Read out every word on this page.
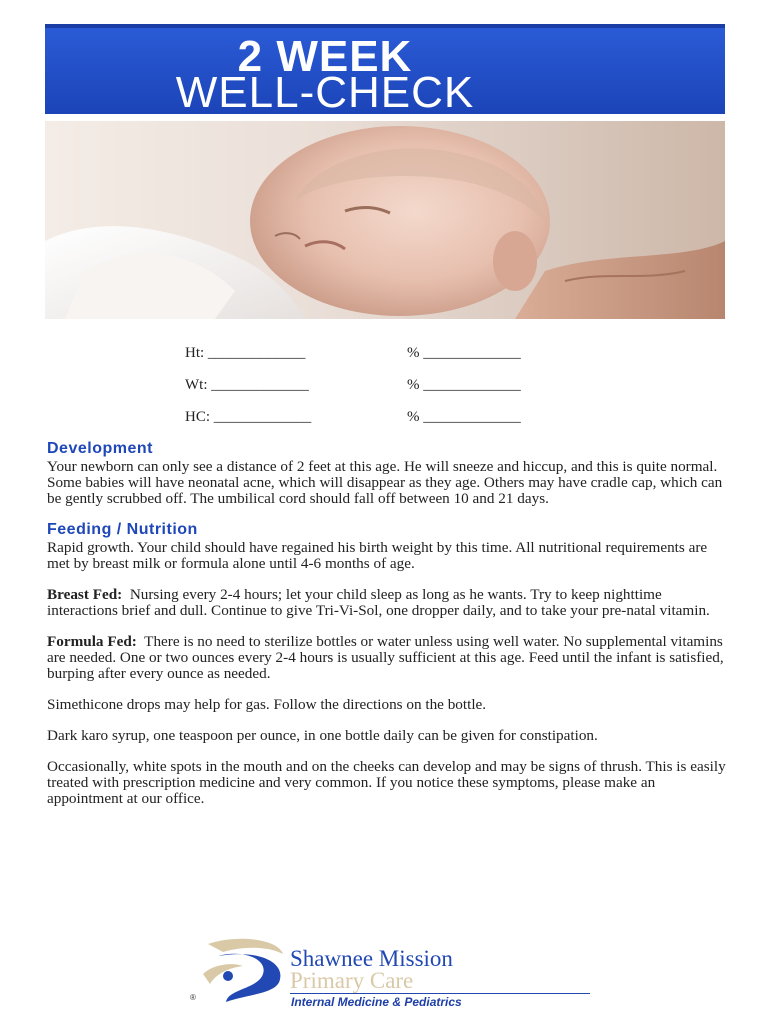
2 WEEK
WELL-CHECK
Ht: _____________	% _____________
Wt: _____________	% _____________
HC: _____________	% _____________
Development

Your newborn can only see a distance of 2 feet at this age. He will sneeze and hiccup, and this is quite normal. Some babies will have neonatal acne, which will disappear as they age. Others may have cradle cap, which can be gently scrubbed off. The umbilical cord should fall off between 10 and 21 days.

Feeding / Nutrition

Rapid growth. Your child should have regained his birth weight by this time. All nutritional requirements are met by breast milk or formula alone until 4-6 months of age.

Breast Fed: Nursing every 2-4 hours; let your child sleep as long as he wants. Try to keep nighttime interactions brief and dull. Continue to give Tri-Vi-Sol, one dropper daily, and to take your pre-natal vitamin.

Formula Fed: There is no need to sterilize bottles or water unless using well water. No supplemental vitamins are needed. One or two ounces every 2-4 hours is usually sufficient at this age. Feed until the infant is satisfied, burping after every ounce as needed.

Simethicone drops may help for gas. Follow the directions on the bottle.

Dark karo syrup, one teaspoon per ounce, in one bottle daily can be given for constipation.

Occasionally, white spots in the mouth and on the cheeks can develop and may be signs of thrush. This is easily treated with prescription medicine and very common. If you notice these symptoms, please make an appointment at our office.

Shawnee Mission
Primary Care
Internal Medicine & Pediatrics
®
